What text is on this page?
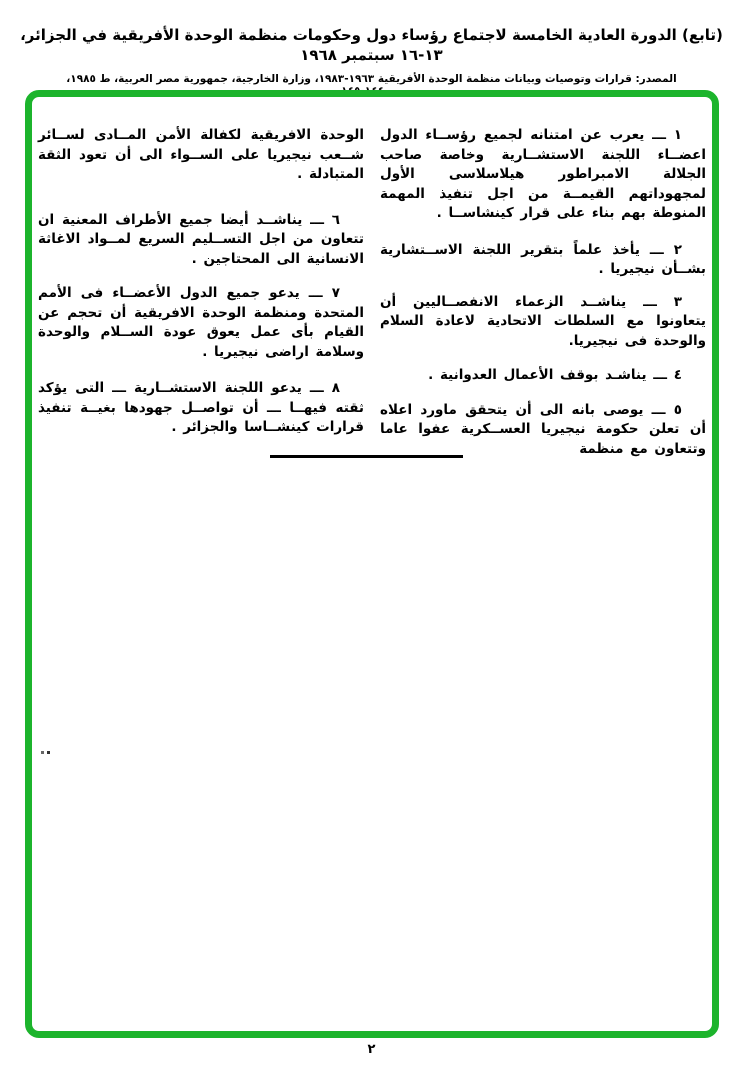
(تابع) الدورة العادية الخامسة لاجتماع رؤساء دول وحكومات منظمة الوحدة الأفريقية في الجزائر، ١٣-١٦ سبتمبر ١٩٦٨
المصدر: قرارات وتوصيات وبيانات منظمة الوحدة الأفريقية ١٩٦٣-١٩٨٣، وزارة الخارجية، جمهورية مصر العربية، ط ١٩٨٥، ص ١٤٤-١٤٥
١ ـــ يعرب عن امتنانه لجميع رؤســاء الدول اعضــاء اللجنة الاستشــارية وخاصة صاحب الجلالة الامبراطور هيلاسلاسى الأول لمجهوداتهم القيمــة من اجل تنفيذ المهمة المنوطة بهم بناء على قرار كينشاســا .
٢ ـــ يأخذ علماً بتقرير اللجنة الاســتشارية بشــأن نيجيريا .
٣ ـــ يناشــد الزعماء الانفصــاليين أن يتعاونوا مع السلطات الاتحادية لاعادة السلام والوحدة فى نيجيريا.
٤ ـــ يناشـد بوقف الأعمال العدوانية .
٥ ـــ يوصى بانه الى أن يتحقق ماورد اعلاه أن تعلن حكومة نيجيريا العســكرية عفوا عاما وتتعاون مع منظمة
الوحدة الافريقية لكفالة الأمن المــادى لســائر شــعب نيجيريا على الســواء الى أن تعود الثقة المتبادلة .
٦ ـــ يناشــد أيضا جميع الأطراف المعنية ان تتعاون من اجل التســليم السريع لمــواد الاغاثة الانسانية الى المحتاجين .
٧ ـــ يدعو جميع الدول الأعضــاء فى الأمم المتحدة ومنظمة الوحدة الافريقية أن تحجم عن القيام بأى عمل يعوق عودة الســلام والوحدة وسلامة اراضى نيجيريا .
٨ ـــ يدعو اللجنة الاستشــارية ـــ التى يؤكد ثقته فيهــا ـــ أن تواصــل جهودها بغيــة تنفيذ قرارات كينشــاسا والجزائر .
٢
